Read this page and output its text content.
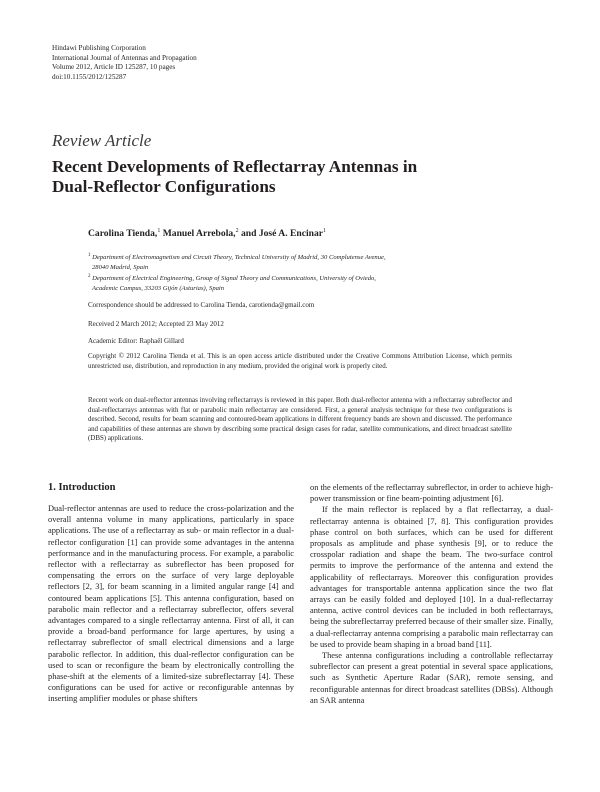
Hindawi Publishing Corporation
International Journal of Antennas and Propagation
Volume 2012, Article ID 125287, 10 pages
doi:10.1155/2012/125287
Review Article
Recent Developments of Reflectarray Antennas in
Dual-Reflector Configurations
Carolina Tienda,$^1$ Manuel Arrebola,$^2$ and José A. Encinar$^1$
$^1$ Department of Electromagnetism and Circuit Theory, Technical University of Madrid, 30 Complutense Avenue,
28040 Madrid, Spain
$^2$ Department of Electrical Engineering, Group of Signal Theory and Communications, University of Oviedo,
Academic Campus, 33203 Gijón (Asturias), Spain
Correspondence should be addressed to Carolina Tienda, carotienda@gmail.com
Received 2 March 2012; Accepted 23 May 2012
Academic Editor: Raphaël Gillard
Copyright © 2012 Carolina Tienda et al. This is an open access article distributed under the Creative Commons Attribution License, which permits unrestricted use, distribution, and reproduction in any medium, provided the original work is properly cited.
Recent work on dual-reflector antennas involving reflectarrays is reviewed in this paper. Both dual-reflector antenna with a reflectarray subreflector and dual-reflectarrays antennas with flat or parabolic main reflectarray are considered. First, a general analysis technique for these two configurations is described. Second, results for beam scanning and contoured-beam applications in different frequency bands are shown and discussed. The performance and capabilities of these antennas are shown by describing some practical design cases for radar, satellite communications, and direct broadcast satellite (DBS) applications.
1. Introduction

Dual-reflector antennas are used to reduce the cross-polarization and the overall antenna volume in many applications, particularly in space applications. The use of a reflectarray as sub- or main reflector in a dual-reflector configuration [1] can provide some advantages in the antenna performance and in the manufacturing process. For example, a parabolic reflector with a reflectarray as subreflector has been proposed for compensating the errors on the surface of very large deployable reflectors [2, 3], for beam scanning in a limited angular range [4] and contoured beam applications [5]. This antenna configuration, based on parabolic main reflector and a reflectarray subreflector, offers several advantages compared to a single reflectarray antenna. First of all, it can provide a broad-band performance for large apertures, by using a reflectarray subreflector of small electrical dimensions and a large parabolic reflector. In addition, this dual-reflector configuration can be used to scan or reconfigure the beam by electronically controlling the phase-shift at the elements of a limited-size subreflectarray [4]. These configurations can be used for active or reconfigurable antennas by inserting amplifier modules or phase shifters

on the elements of the reflectarray subreflector, in order to achieve high-power transmission or fine beam-pointing adjustment [6].

If the main reflector is replaced by a flat reflectarray, a dual-reflectarray antenna is obtained [7, 8]. This configuration provides phase control on both surfaces, which can be used for different proposals as amplitude and phase synthesis [9], or to reduce the crosspolar radiation and shape the beam. The two-surface control permits to improve the performance of the antenna and extend the applicability of reflectarrays. Moreover this configuration provides advantages for transportable antenna application since the two flat arrays can be easily folded and deployed [10]. In a dual-reflectarray antenna, active control devices can be included in both reflectarrays, being the subreflectarray preferred because of their smaller size. Finally, a dual-reflectarray antenna comprising a parabolic main reflectarray can be used to provide beam shaping in a broad band [11].

These antenna configurations including a controllable reflectarray subreflector can present a great potential in several space applications, such as Synthetic Aperture Radar (SAR), remote sensing, and reconfigurable antennas for direct broadcast satellites (DBSs). Although an SAR antenna
